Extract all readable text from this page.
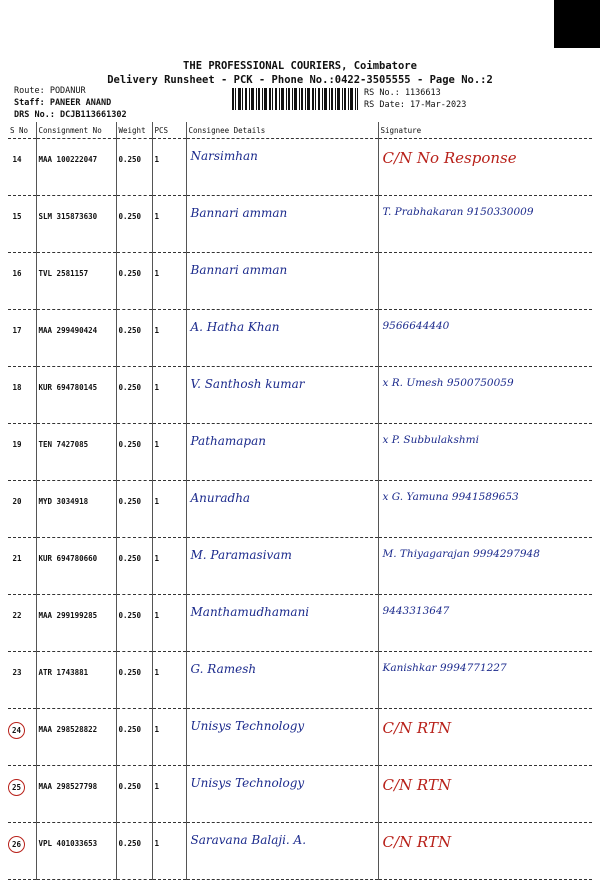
THE PROFESSIONAL COURIERS, Coimbatore
Delivery Runsheet - PCK - Phone No.:0422-3505555 - Page No.:2
Route: PODANUR
Staff: PANEER ANAND
DRS No.: DCJB113661302
RS No.: 1136613
RS Date: 17-Mar-2023
S No	Consignment No	Weight	PCS	Consignee Details	Signature
14	MAA 100222047	0.250	1	Narsimhan	C/N No Response
15	SLM 315873630	0.250	1	Bannari amman	T. Prabhakaran 9150330009
16	TVL 2581157	0.250	1	Bannari amman	
17	MAA 299490424	0.250	1	A. Hatha Khan	9566644440
18	KUR 694780145	0.250	1	V. Santhosh kumar	x R. Umesh 9500750059
19	TEN 7427085	0.250	1	Pathamapan	x P. Subbulakshmi
20	MYD 3034918	0.250	1	Anuradha	x G. Yamuna 9941589653
21	KUR 694780660	0.250	1	M. Paramasivam	M. Thiyagarajan 9994297948
22	MAA 299199285	0.250	1	Manthamudhamani	9443313647
23	ATR 1743881	0.250	1	G. Ramesh	Kanishkar 9994771227
24	MAA 298528822	0.250	1	Unisys Technology	C/N RTN
25	MAA 298527798	0.250	1	Unisys Technology	C/N RTN
26	VPL 401033653	0.250	1	Saravana Balaji. A.	C/N RTN
